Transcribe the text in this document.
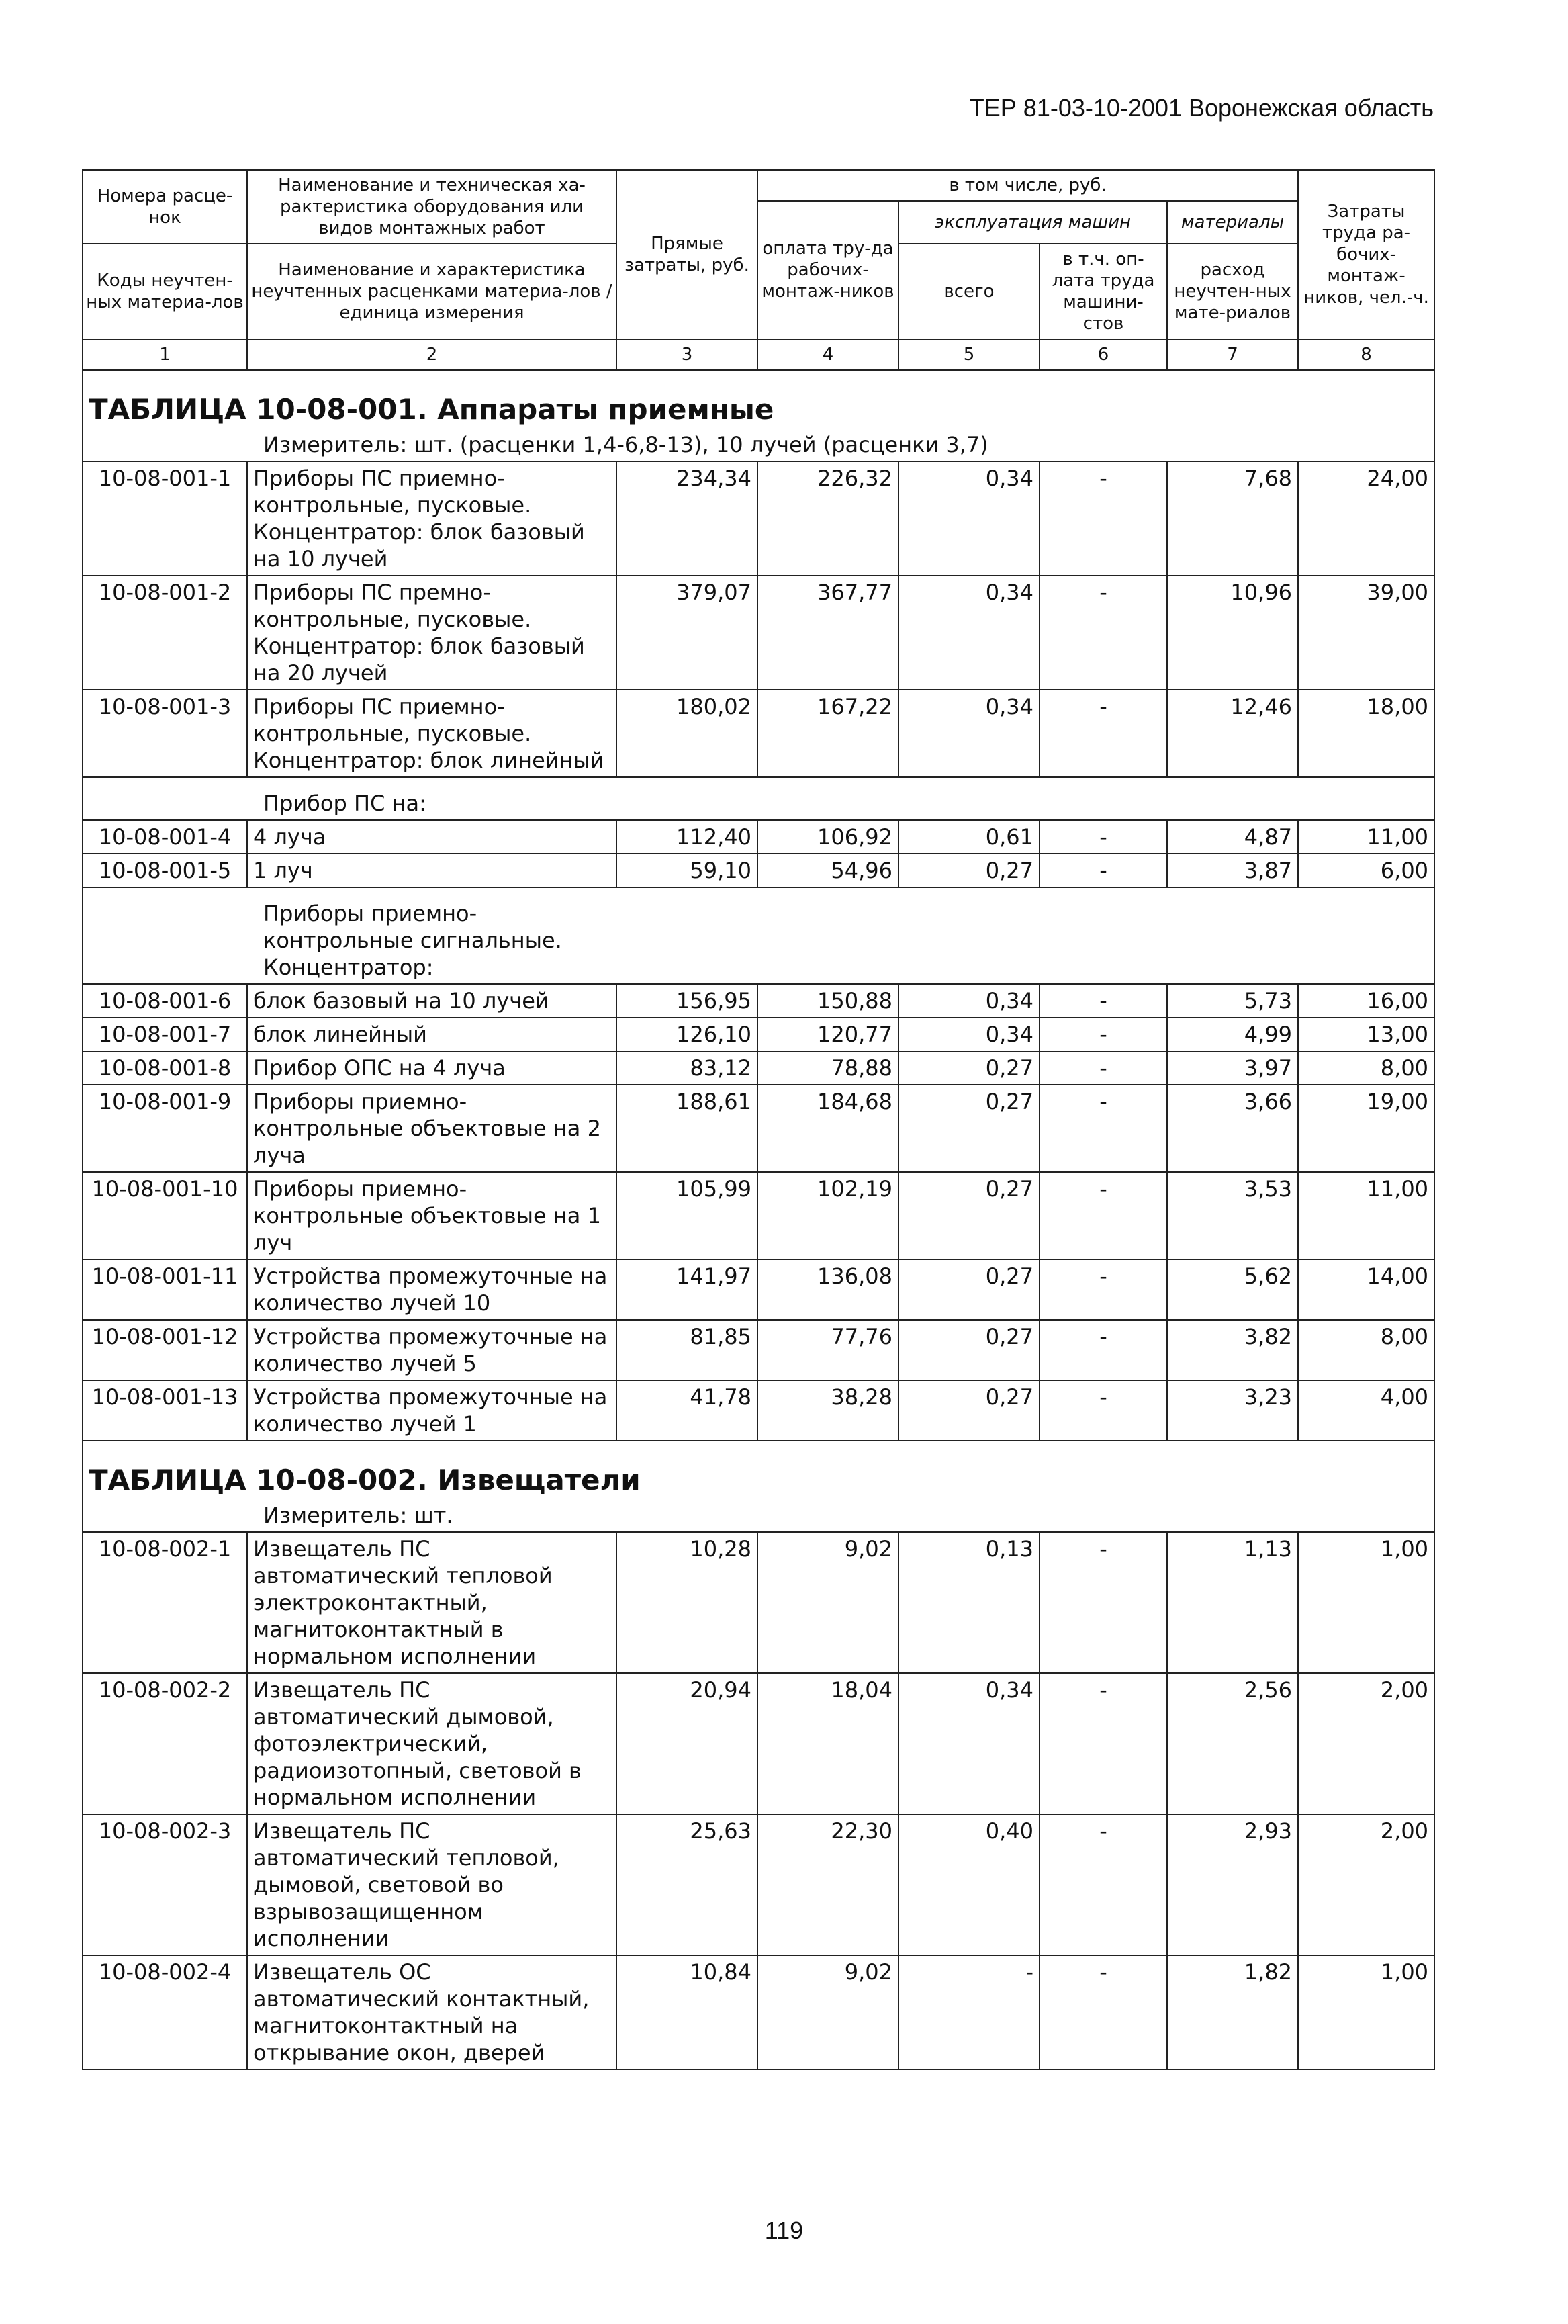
ТЕР 81-03-10-2001 Воронежская область
Номера расце-нок	Наименование и техническая ха-рактеристика оборудования или видов монтажных работ	Прямые затраты, руб.	в том числе, руб.				Затраты труда ра-бочих-монтаж-ников, чел.-ч.
			оплата тру-да рабочих-монтаж-ников	эксплуатация машин		материалы	
Коды неучтен-ных материа-лов	Наименование и характеристика неучтенных расценками материа-лов / единица измерения			всего	в т.ч. оп-лата труда машини-стов	расход неучтен-ных мате-риалов	

1	2	3	4	5	6	7	8

ТАБЛИЦА 10-08-001. Аппараты приемные
Измеритель: шт. (расценки 1,4-6,8-13), 10 лучей (расценки 3,7)							

10-08-001-1	Приборы ПС приемно-контрольные, пусковые. Концентратор: блок базовый на 10 лучей	234,34	226,32	0,34	-	7,68	24,00
10-08-001-2	Приборы ПС премно-контрольные, пусковые. Концентратор: блок базовый на 20 лучей	379,07	367,77	0,34	-	10,96	39,00
10-08-001-3	Приборы ПС приемно-контрольные, пусковые. Концентратор: блок линейный	180,02	167,22	0,34	-	12,46	18,00

Прибор ПС на:							

10-08-001-4	4 луча	112,40	106,92	0,61	-	4,87	11,00
10-08-001-5	1 луч	59,10	54,96	0,27	-	3,87	6,00

Приборы приемно-контрольные сигнальные. Концентратор:							

10-08-001-6	блок базовый на 10 лучей	156,95	150,88	0,34	-	5,73	16,00
10-08-001-7	блок линейный	126,10	120,77	0,34	-	4,99	13,00
10-08-001-8	Прибор ОПС на 4 луча	83,12	78,88	0,27	-	3,97	8,00
10-08-001-9	Приборы приемно-контрольные объектовые на 2 луча	188,61	184,68	0,27	-	3,66	19,00
10-08-001-10	Приборы приемно-контрольные объектовые на 1 луч	105,99	102,19	0,27	-	3,53	11,00
10-08-001-11	Устройства промежуточные на количество лучей 10	141,97	136,08	0,27	-	5,62	14,00
10-08-001-12	Устройства промежуточные на количество лучей 5	81,85	77,76	0,27	-	3,82	8,00
10-08-001-13	Устройства промежуточные на количество лучей 1	41,78	38,28	0,27	-	3,23	4,00

ТАБЛИЦА 10-08-002. Извещатели
Измеритель: шт.							

10-08-002-1	Извещатель ПС автоматический тепловой электроконтактный, магнитоконтактный в нормальном исполнении	10,28	9,02	0,13	-	1,13	1,00
10-08-002-2	Извещатель ПС автоматический дымовой, фотоэлектрический, радиоизотопный, световой в нормальном исполнении	20,94	18,04	0,34	-	2,56	2,00
10-08-002-3	Извещатель ПС автоматический тепловой, дымовой, световой во взрывозащищенном исполнении	25,63	22,30	0,40	-	2,93	2,00
10-08-002-4	Извещатель ОС автоматический контактный, магнитоконтактный на открывание окон, дверей	10,84	9,02	-	-	1,82	1,00
119
